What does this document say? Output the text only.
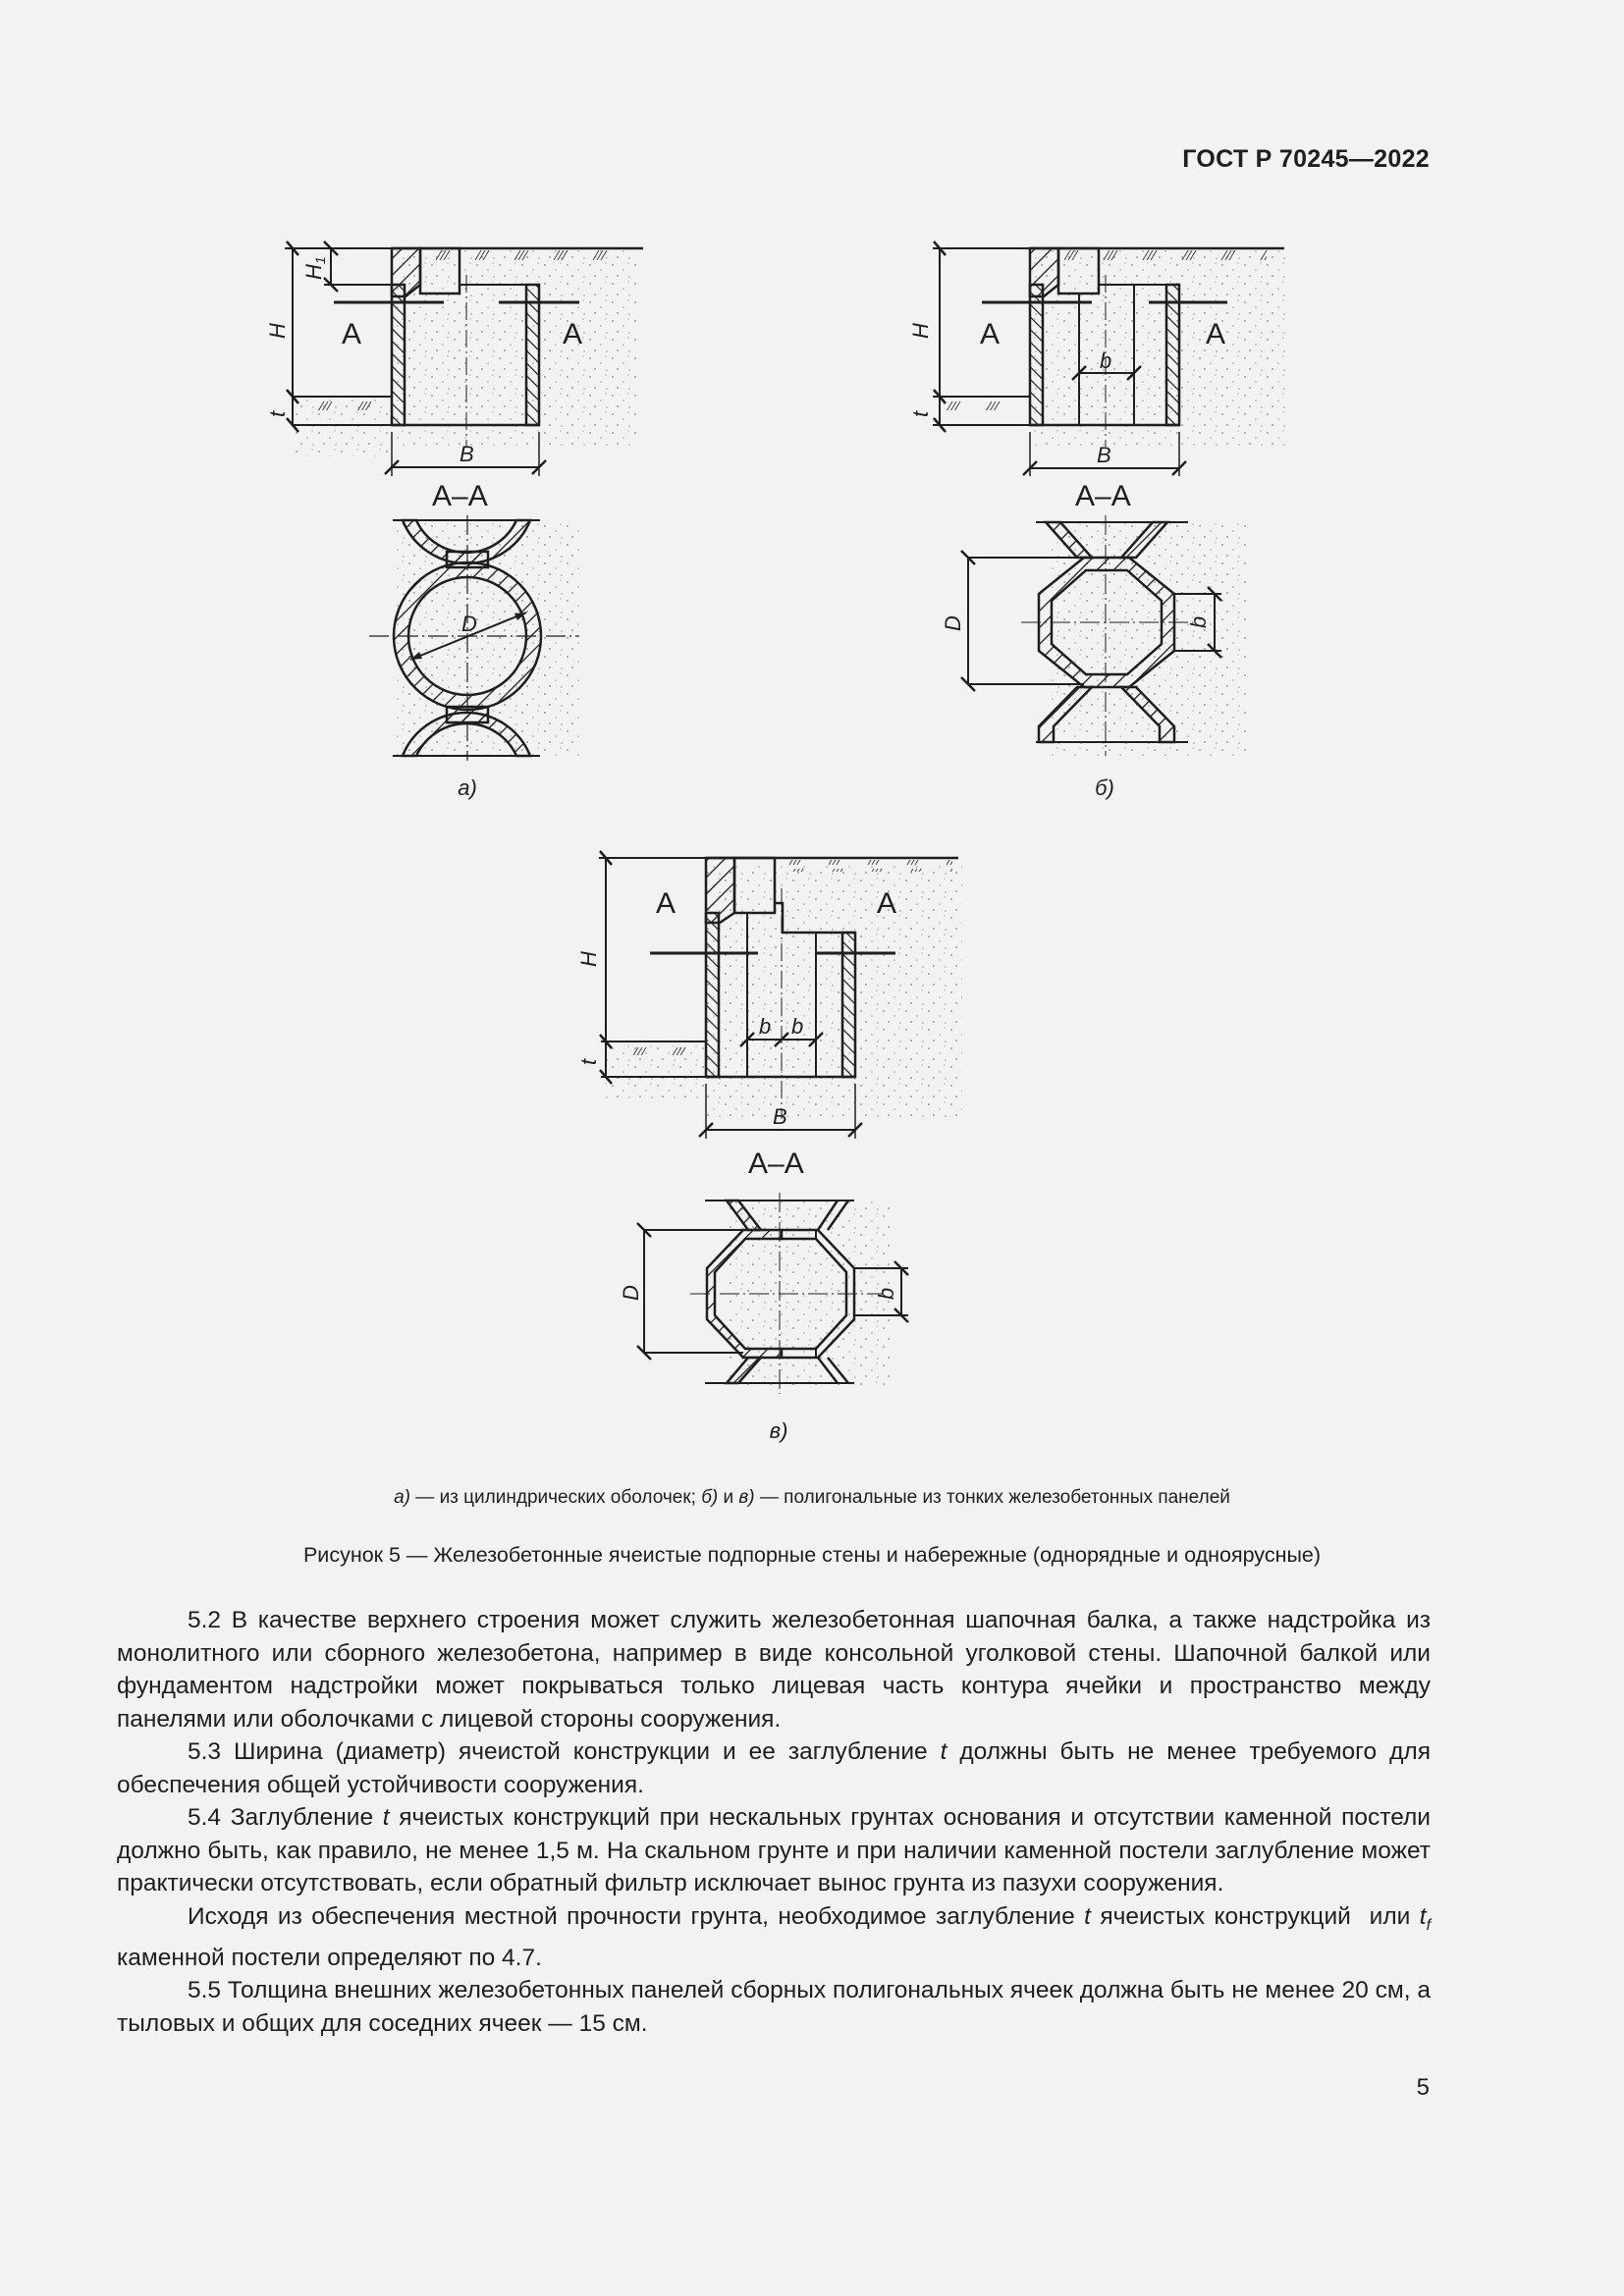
ГОСТ Р 70245—2022
H
H1
t
B
А	А
А–А
D
а)
H
t
b
B
А	А
А–А
D	b
б)
H
t
b b
B
А	А
А–А
D	b
в)
а) — из цилиндрических оболочек; б) и в) — полигональные из тонких железобетонных панелей
Рисунок 5 — Железобетонные ячеистые подпорные стены и набережные (однорядные и одноярусные)

5.2 В качестве верхнего строения может служить железобетонная шапочная балка, а также надстройка из монолитного или сборного железобетона, например в виде консольной уголковой стены. Шапочной балкой или фундаментом надстройки может покрываться только лицевая часть контура ячейки и пространство между панелями или оболочками с лицевой стороны сооружения.

5.3 Ширина (диаметр) ячеистой конструкции и ее заглубление t должны быть не менее требуемого для обеспечения общей устойчивости сооружения.

5.4 Заглубление t ячеистых конструкций при нескальных грунтах основания и отсутствии каменной постели должно быть, как правило, не менее 1,5 м. На скальном грунте и при наличии каменной постели заглубление может практически отсутствовать, если обратный фильтр исключает вынос грунта из пазухи сооружения.

Исходя из обеспечения местной прочности грунта, необходимое заглубление t ячеистых конструкций  или $t_f$ каменной постели определяют по 4.7.

5.5 Толщина внешних железобетонных панелей сборных полигональных ячеек должна быть не менее 20 см, а тыловых и общих для соседних ячеек — 15 см.

5
